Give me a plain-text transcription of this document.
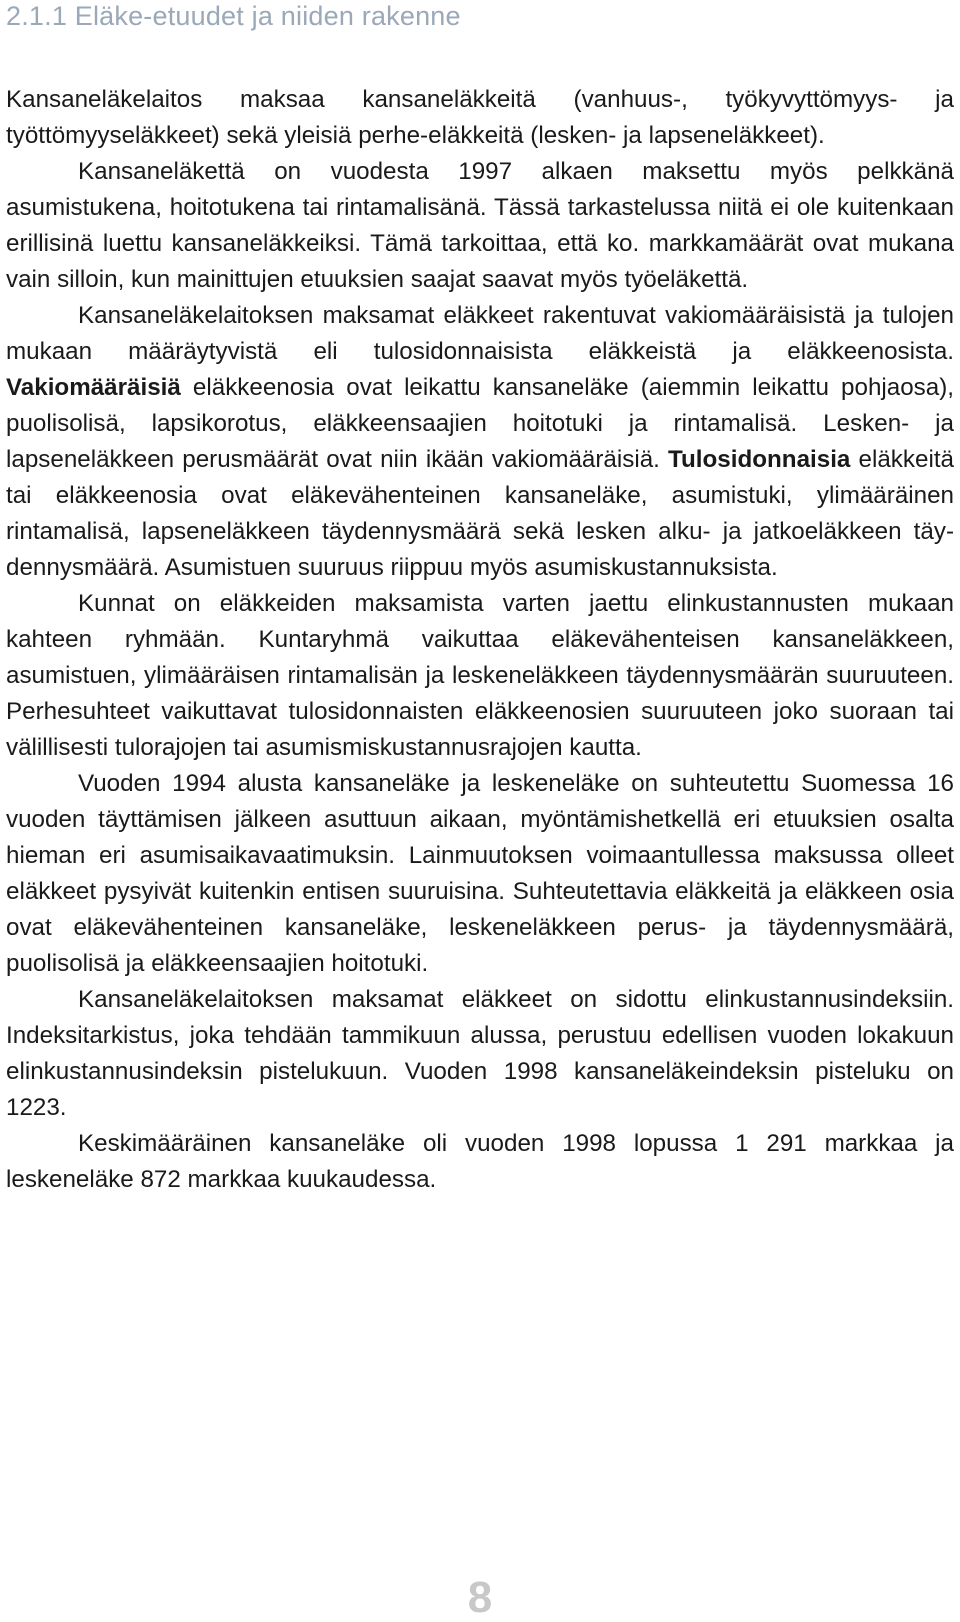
2.1.1 Eläke-etuudet ja niiden rakenne

Kansaneläkelaitos maksaa kansaneläkkeitä (vanhuus-, työkyvyttömyys- ja työttömyyseläkkeet) sekä yleisiä perhe-eläkkeitä (lesken- ja lapseneläkkeet).

Kansaneläkettä on vuodesta 1997 alkaen maksettu myös pelkkänä asumistukena, hoitotukena tai rintamalisänä. Tässä tarkastelussa niitä ei ole kuitenkaan erillisinä luettu kansaneläkkeiksi. Tämä tarkoittaa, että ko. markkamäärät ovat mukana vain silloin, kun mainittujen etuuksien saajat saavat myös työeläkettä.

Kansaneläkelaitoksen maksamat eläkkeet rakentuvat vakiomääräisistä ja tulojen mukaan määräytyvistä eli tulosidonnaisista eläkkeistä ja eläkkeenosista. Vakiomääräisiä eläkkeenosia ovat leikattu kansaneläke (aiemmin leikattu pohjaosa), puolisolisä, lapsikorotus, eläkkeensaajien hoitotuki ja rintamalisä. Lesken- ja lapseneläkkeen perusmäärät ovat niin ikään vakiomääräisiä. Tulosidonnaisia eläkkeitä tai eläkkeenosia ovat eläkevähenteinen kansaneläke, asumistuki, ylimääräinen rintamalisä, lapseneläkkeen täydennysmäärä sekä lesken alku- ja jatkoeläkkeen täydennysmäärä. Asumistuen suuruus riippuu myös asumiskustannuksista.

Kunnat on eläkkeiden maksamista varten jaettu elinkustannusten mukaan kahteen ryhmään. Kuntaryhmä vaikuttaa eläkevähenteisen kansaneläkkeen, asumistuen, ylimääräisen rintamalisän ja leskeneläkkeen täydennysmäärän suuruuteen. Perhesuhteet vaikuttavat tulosidonnaisten eläkkeenosien suuruuteen joko suoraan tai välillisesti tulorajojen tai asumismiskustannusrajojen kautta.

Vuoden 1994 alusta kansaneläke ja leskeneläke on suhteutettu Suomessa 16 vuoden täyttämisen jälkeen asuttuun aikaan, myöntämishetkellä eri etuuksien osalta hieman eri asumisaikavaatimuksin. Lainmuutoksen voimaantullessa maksussa olleet eläkkeet pysyivät kuitenkin entisen suuruisina. Suhteutettavia eläkkeitä ja eläkkeen osia ovat eläkevähenteinen kansaneläke, leskeneläkkeen perus- ja täydennysmäärä, puolisolisä ja eläkkeensaajien hoitotuki.

Kansaneläkelaitoksen maksamat eläkkeet on sidottu elinkustannusindeksiin. Indeksitarkistus, joka tehdään tammikuun alussa, perustuu edellisen vuoden lokakuun elinkustannusindeksin pistelukuun. Vuoden 1998 kansaneläkeindeksin pisteluku on 1223.

Keskimääräinen kansaneläke oli vuoden 1998 lopussa 1 291 markkaa ja leskeneläke 872 markkaa kuukaudessa.

8
